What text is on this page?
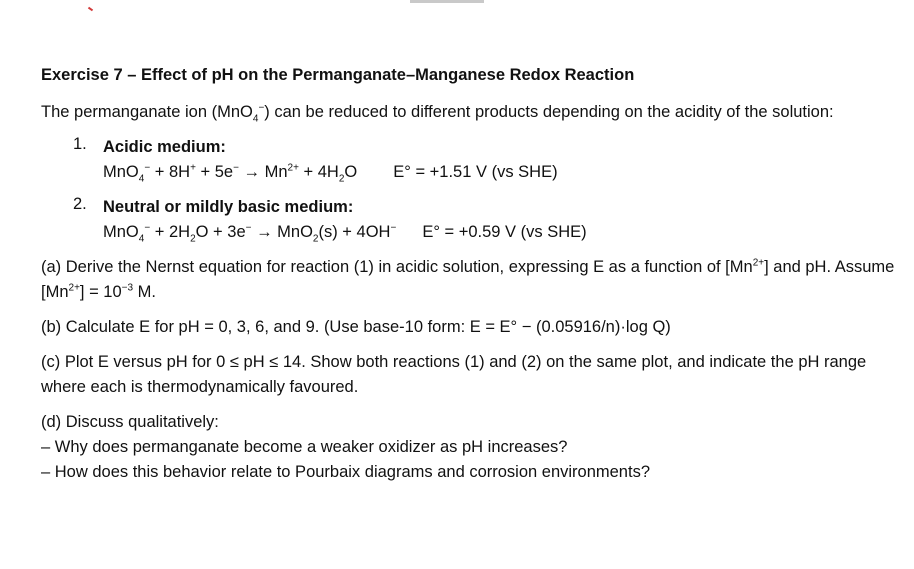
Exercise 7 – Effect of pH on the Permanganate–Manganese Redox Reaction

The permanganate ion (MnO$_4$−) can be reduced to different products depending on the acidity of the solution:

1. Acidic medium:
$MnO_4^- + 8H^+ + 5e^- \to Mn^{2+} + 4H_2O$ E° = +1.51 V (vs SHE)
2. Neutral or mildly basic medium:
$MnO_4^- + 2H_2O + 3e^- \to MnO_2(s) + 4OH^-$ E° = +0.59 V (vs SHE)

(a) Derive the Nernst equation for reaction (1) in acidic solution, expressing E as a function of $[Mn^{2+}]$ and pH. Assume $[Mn^{2+}] = 10^{-3}$ M.

(b) Calculate E for pH = 0, 3, 6, and 9. (Use base-10 form: E = E° − (0.05916/n)·log Q)

(c) Plot E versus pH for 0 ≤ pH ≤ 14. Show both reactions (1) and (2) on the same plot, and indicate the pH range where each is thermodynamically favoured.

(d) Discuss qualitatively:

– Why does permanganate become a weaker oxidizer as pH increases?

– How does this behavior relate to Pourbaix diagrams and corrosion environments?
